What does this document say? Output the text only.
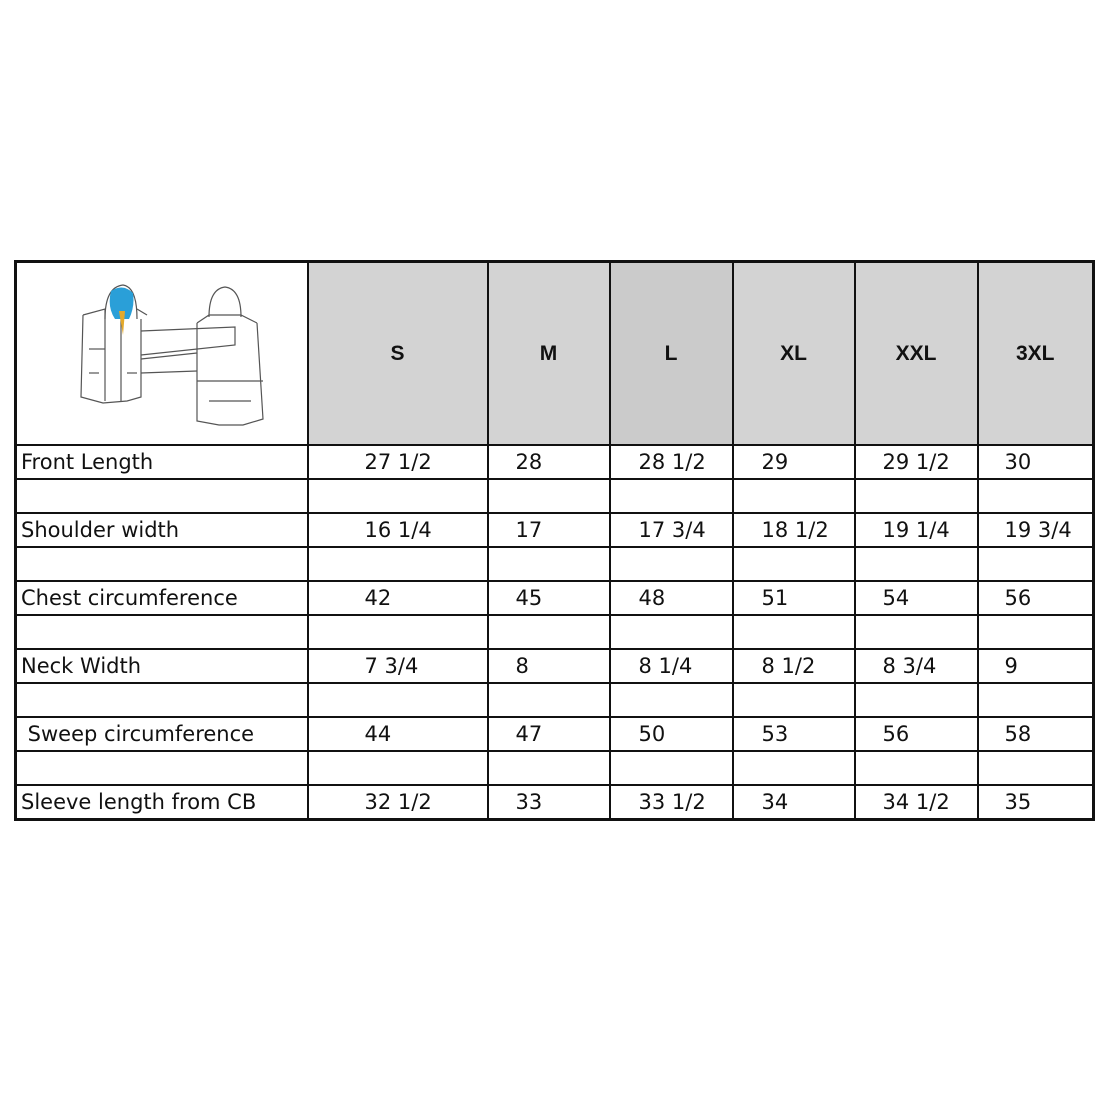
	S	M	L	XL	XXL	3XL
Front Length	27 1/2	28	28 1/2	29	29 1/2	30

Shoulder width	16 1/4	17	17 3/4	18 1/2	19 1/4	19 3/4

Chest circumference	42	45	48	51	54	56

Neck Width	7 3/4	8	8 1/4	8 1/2	8 3/4	9

Sweep circumference	44	47	50	53	56	58

Sleeve length from CB	32 1/2	33	33 1/2	34	34 1/2	35
